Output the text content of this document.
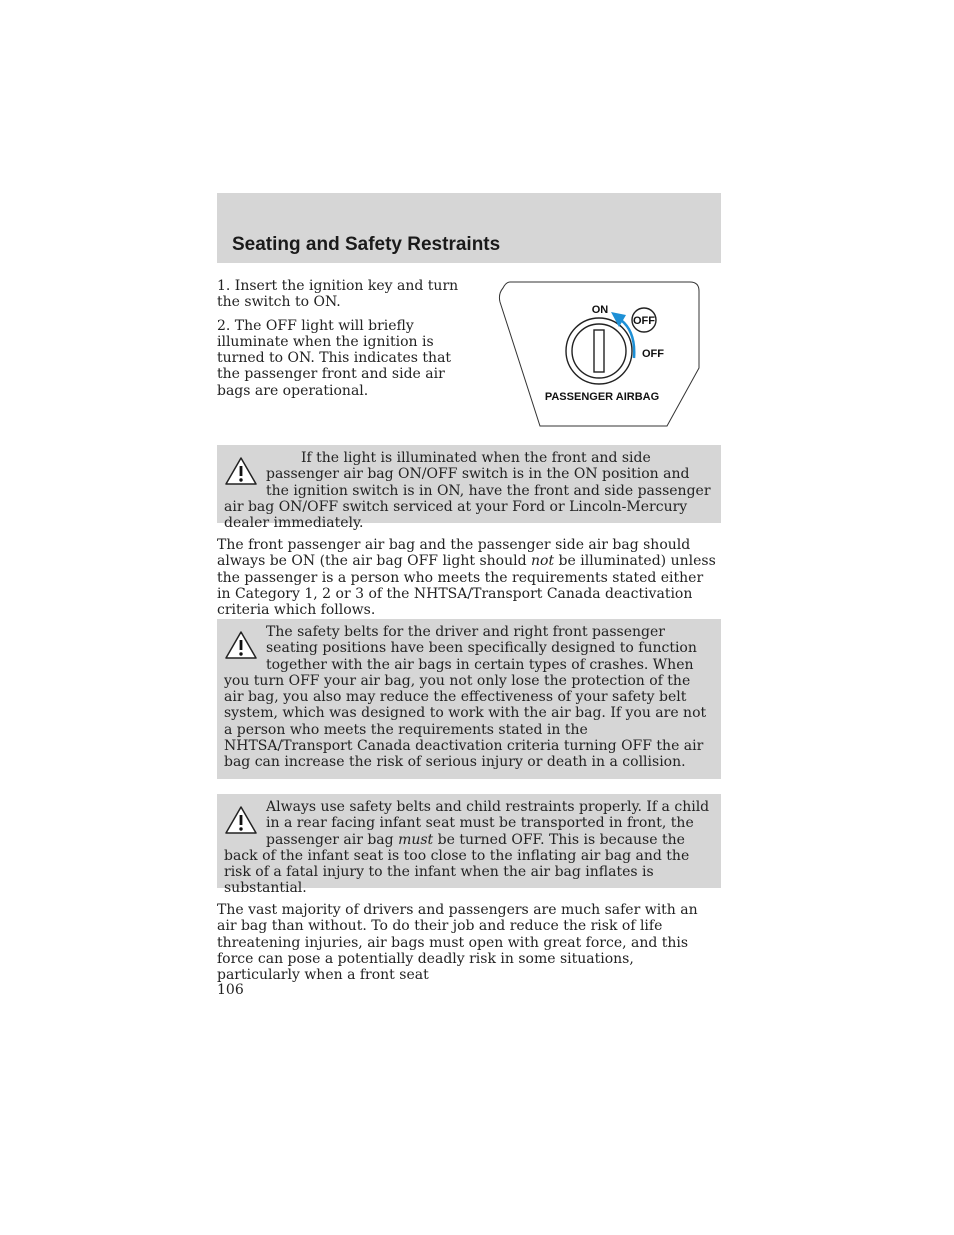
Seating and Safety Restraints

1. Insert the ignition key and turn the switch to ON.

2. The OFF light will briefly illuminate when the ignition is turned to ON. This indicates that the passenger front and side air bags are operational.

OFF
ON
OFF
PASSENGER AIRBAG

If the light is illuminated when the front and side passenger air bag ON/OFF switch is in the ON position and the ignition switch is in ON, have the front and side passenger air bag ON/OFF switch serviced at your Ford or Lincoln-Mercury dealer immediately.

The front passenger air bag and the passenger side air bag should always be ON (the air bag OFF light should not be illuminated) unless the passenger is a person who meets the requirements stated either in Category 1, 2 or 3 of the NHTSA/Transport Canada deactivation criteria which follows.

The safety belts for the driver and right front passenger seating positions have been specifically designed to function together with the air bags in certain types of crashes. When you turn OFF your air bag, you not only lose the protection of the air bag, you also may reduce the effectiveness of your safety belt system, which was designed to work with the air bag. If you are not a person who meets the requirements stated in the NHTSA/Transport Canada deactivation criteria turning OFF the air bag can increase the risk of serious injury or death in a collision.

Always use safety belts and child restraints properly. If a child in a rear facing infant seat must be transported in front, the passenger air bag must be turned OFF. This is because the back of the infant seat is too close to the inflating air bag and the risk of a fatal injury to the infant when the air bag inflates is substantial.

The vast majority of drivers and passengers are much safer with an air bag than without. To do their job and reduce the risk of life threatening injuries, air bags must open with great force, and this force can pose a potentially deadly risk in some situations, particularly when a front seat

106
